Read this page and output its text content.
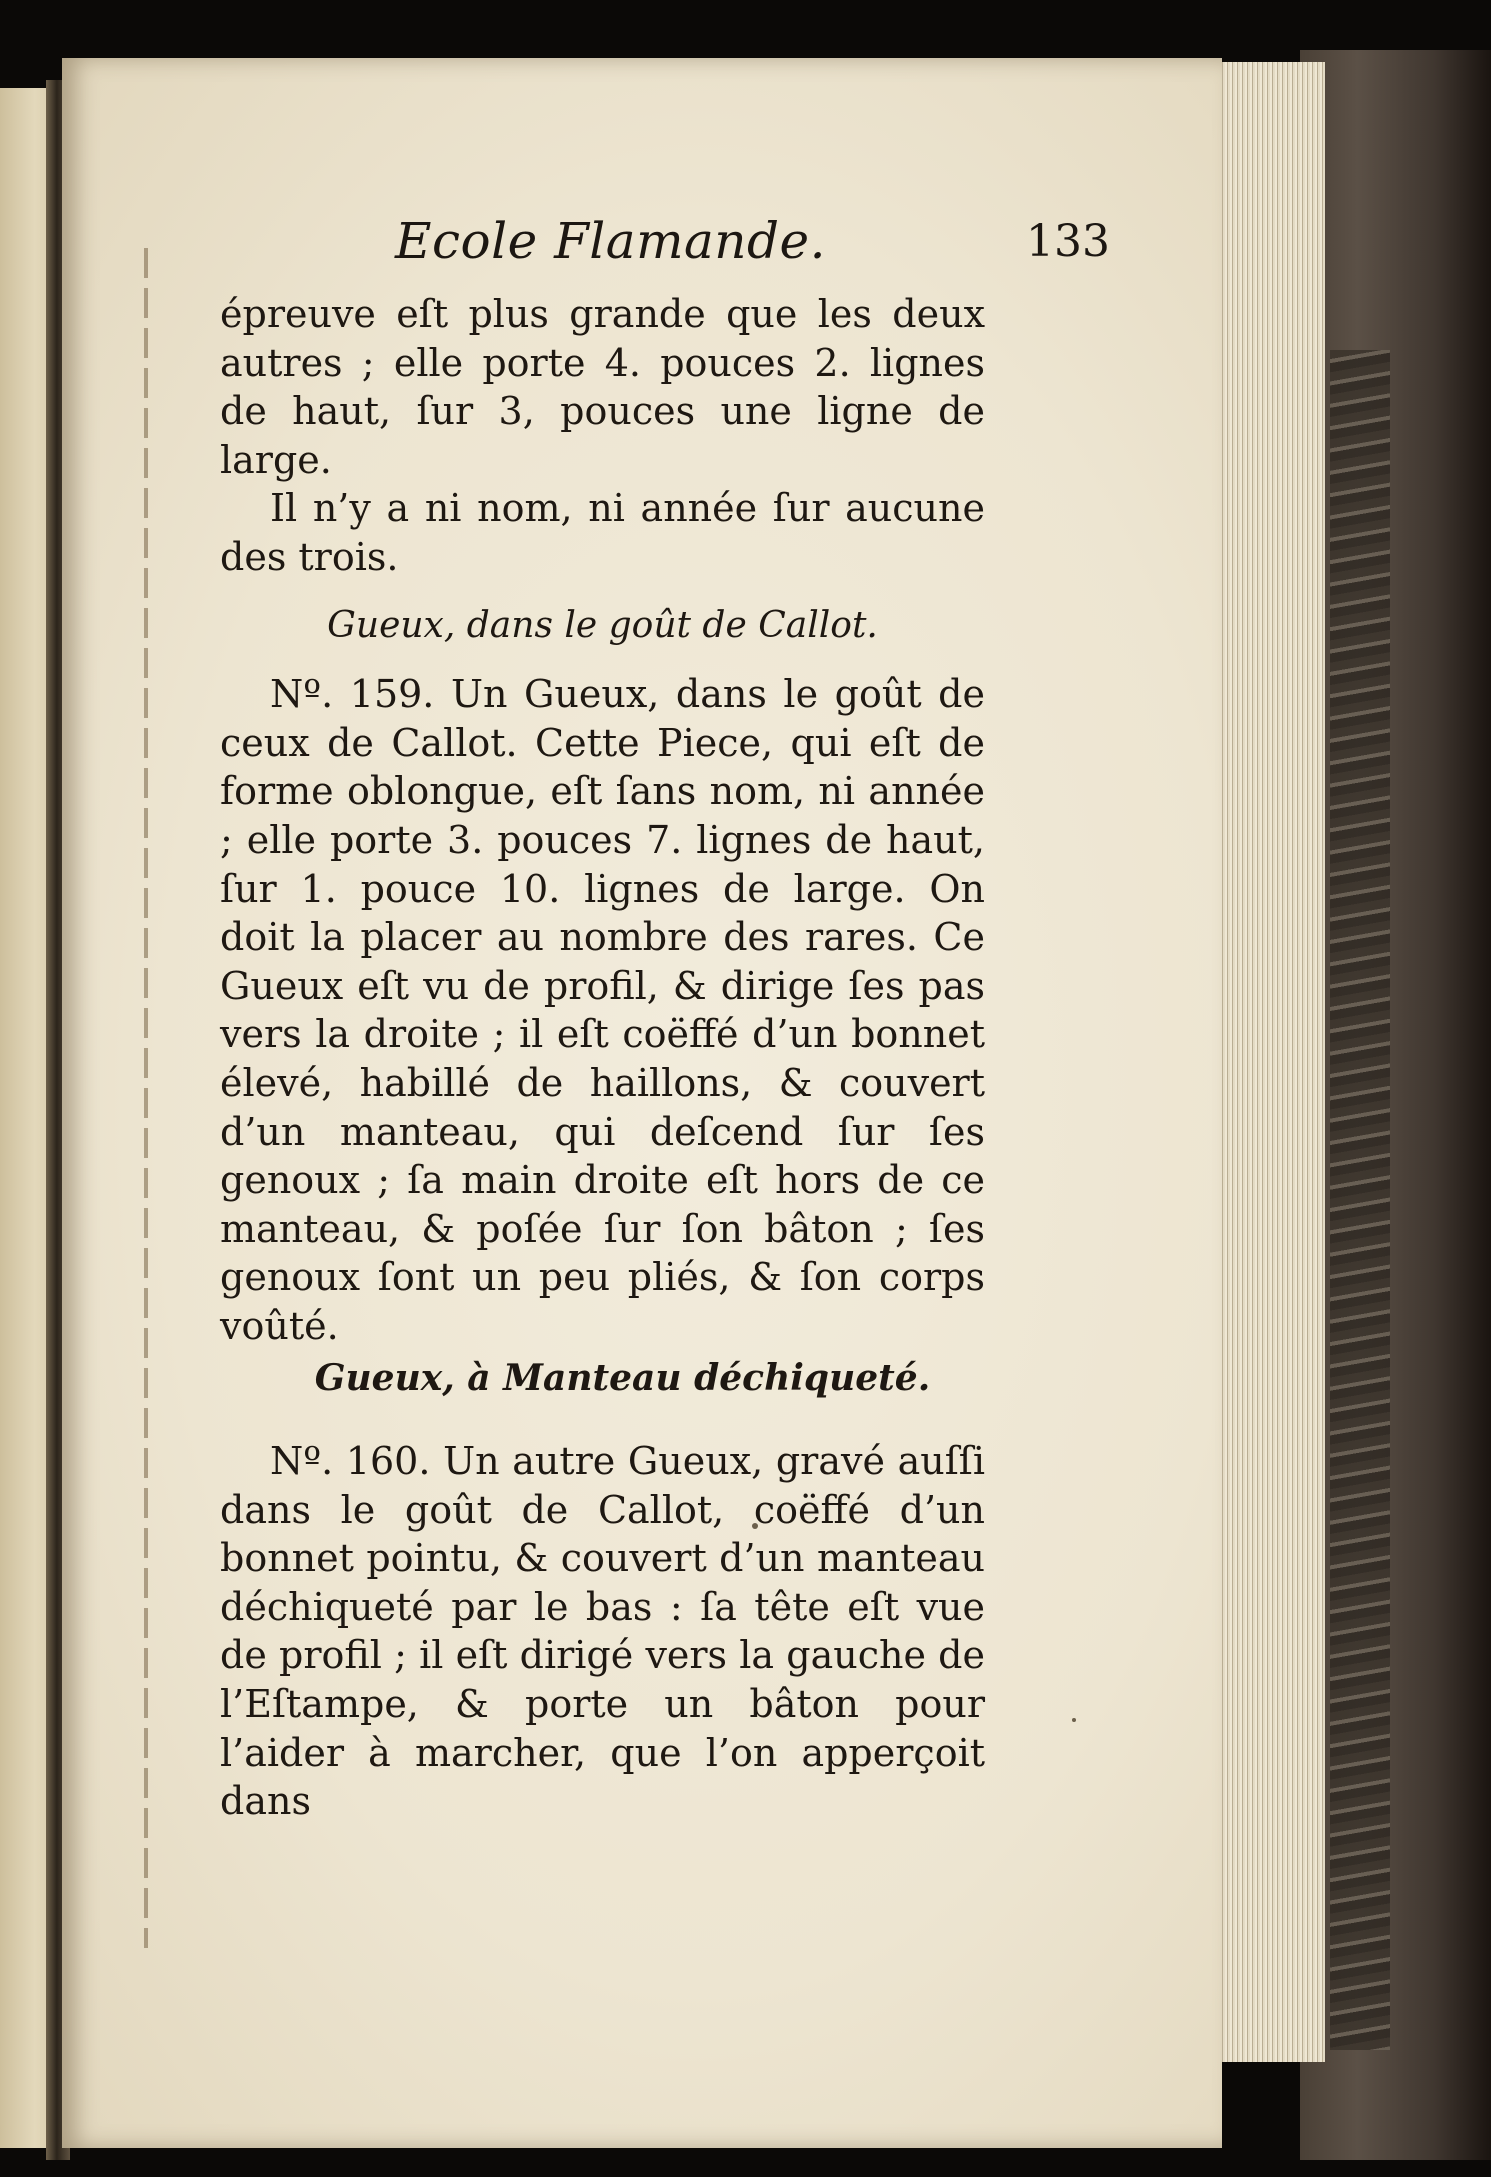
Ecole Flamande.	133

épreuve eſt plus grande que les deux autres ; elle porte 4. pouces 2. lignes de haut, ſur 3, pouces une ligne de large.

Il n’y a ni nom, ni année ſur aucune des trois.

Gueux, dans le goût de Callot.

Nº. 159. Un Gueux, dans le goût de ceux de Callot. Cette Piece, qui eſt de forme oblongue, eſt ſans nom, ni année ; elle porte 3. pouces 7. lignes de haut, ſur 1. pouce 10. lignes de large. On doit la placer au nombre des rares. Ce Gueux eſt vu de profil, & dirige ſes pas vers la droite ; il eſt coëffé d’un bonnet élevé, habillé de haillons, & couvert d’un manteau, qui deſcend ſur ſes genoux ; ſa main droite eſt hors de ce manteau, & poſée ſur ſon bâton ; ſes genoux ſont un peu pliés, & ſon corps voûté.

Gueux, à Manteau déchiqueté.

Nº. 160. Un autre Gueux, gravé auſſi dans le goût de Callot, coëffé d’un bonnet pointu, & couvert d’un manteau déchiqueté par le bas : ſa tête eſt vue de profil ; il eſt dirigé vers la gauche de l’Eſtampe, & porte un bâton pour l’aider à marcher, que l’on apperçoit dans
